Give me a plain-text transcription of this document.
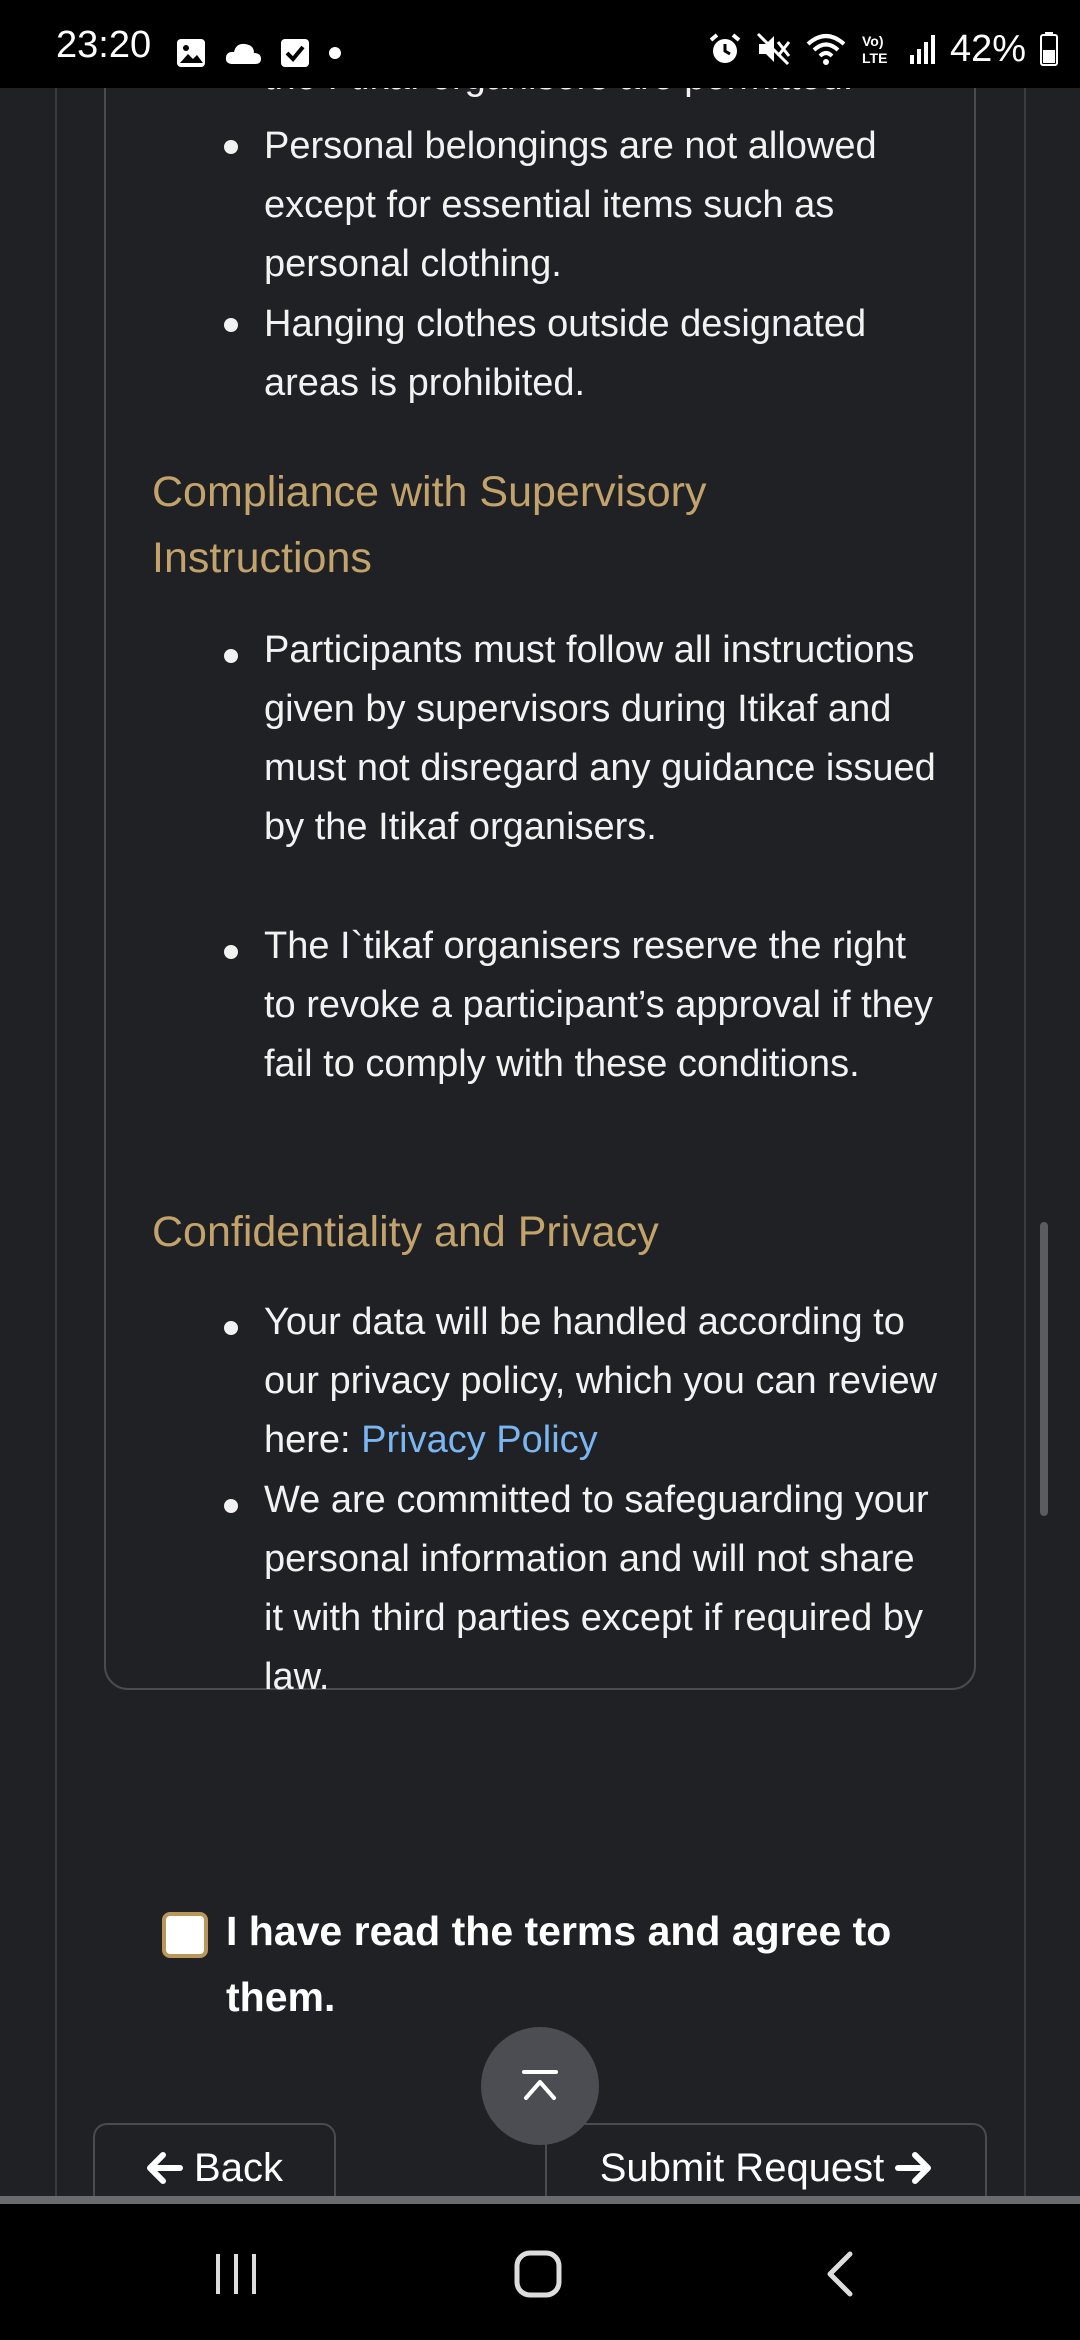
23:20	Vo)
LTE 42%
Personal belongings are not allowed except for essential items such as personal clothing.
Hanging clothes outside designated areas is prohibited.
Compliance with Supervisory Instructions
Participants must follow all instructions given by supervisors during Itikaf and must not disregard any guidance issued by the Itikaf organisers.
The I`tikaf organisers reserve the right to revoke a participant’s approval if they fail to comply with these conditions.
Confidentiality and Privacy
Your data will be handled according to our privacy policy, which you can review here: Privacy Policy
We are committed to safeguarding your personal information and will not share it with third parties except if required by law.
I have read the terms and agree to them.
Back	Submit Request
